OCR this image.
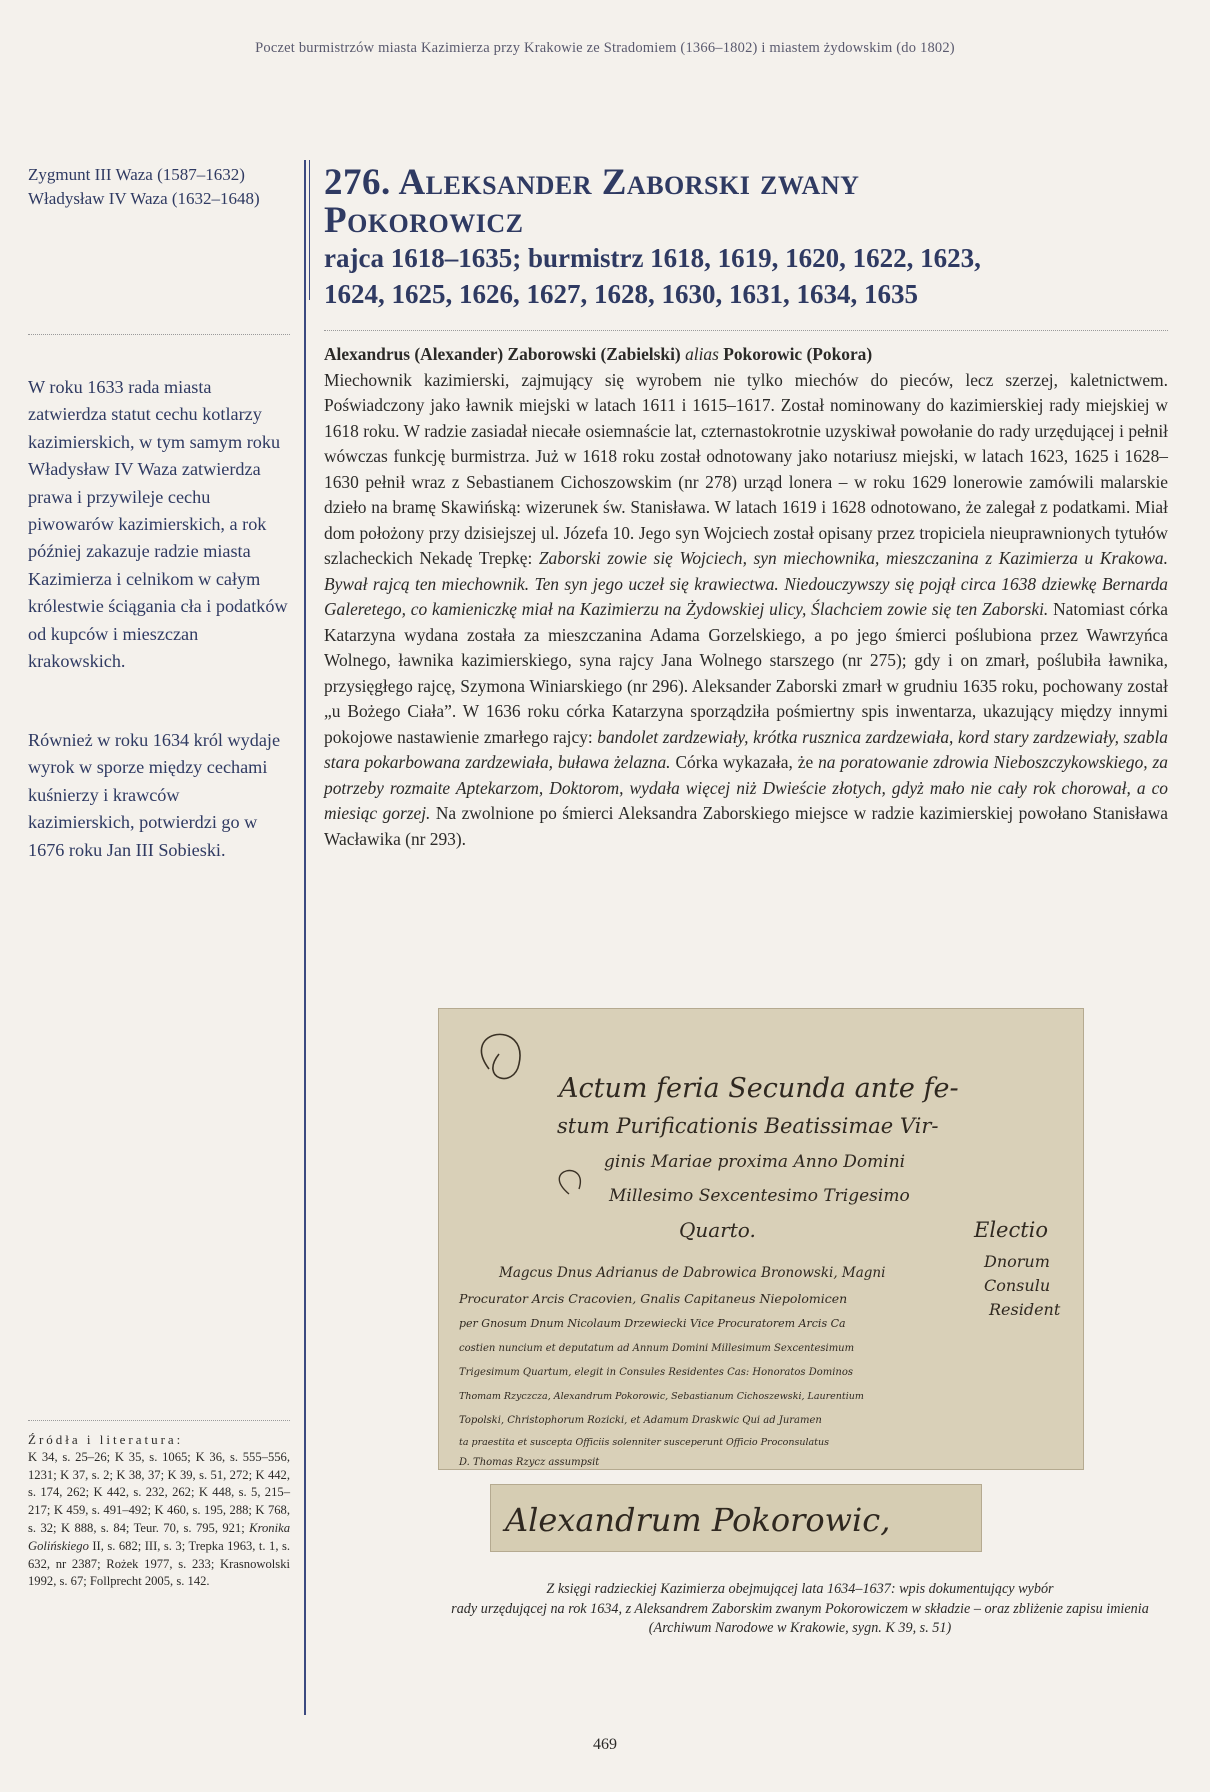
Poczet burmistrzów miasta Kazimierza przy Krakowie ze Stradomiem (1366–1802) i miastem żydowskim (do 1802)
Zygmunt III Waza (1587–1632)
Władysław IV Waza (1632–1648)

W roku 1633 rada miasta zatwierdza statut cechu kotlarzy kazimierskich, w tym samym roku Władysław IV Waza zatwierdza prawa i przywileje cechu piwowarów kazimierskich, a rok później zakazuje radzie miasta Kazimierza i celnikom w całym królestwie ściągania cła i podatków od kupców i mieszczan krakowskich.

Również w roku 1634 król wydaje wyrok w sporze między cechami kuśnierzy i krawców kazimierskich, potwierdzi go w 1676 roku Jan III Sobieski.

Źródła i literatura:
K 34, s. 25–26; K 35, s. 1065; K 36, s. 555–556, 1231; K 37, s. 2; K 38, 37; K 39, s. 51, 272; K 442, s. 174, 262; K 442, s. 232, 262; K 448, s. 5, 215–217; K 459, s. 491–492; K 460, s. 195, 288; K 768, s. 32; K 888, s. 84; Teur. 70, s. 795, 921; Kronika Golińskiego II, s. 682; III, s. 3; Trepka 1963, t. 1, s. 632, nr 2387; Rożek 1977, s. 233; Krasnowolski 1992, s. 67; Follprecht 2005, s. 142.
276. Aleksander Zaborski zwany
Pokorowicz
rajca 1618–1635; burmistrz 1618, 1619, 1620, 1622, 1623,
1624, 1625, 1626, 1627, 1628, 1630, 1631, 1634, 1635

Alexandrus (Alexander) Zaborowski (Zabielski) alias Pokorowic (Pokora)

Miechownik kazimierski, zajmujący się wyrobem nie tylko miechów do pieców, lecz szerzej, kaletnictwem. Poświadczony jako ławnik miejski w latach 1611 i 1615–1617. Został nominowany do kazimierskiej rady miejskiej w 1618 roku. W radzie zasiadał niecałe osiemnaście lat, czternastokrotnie uzyskiwał powołanie do rady urzędującej i pełnił wówczas funkcję burmistrza. Już w 1618 roku został odnotowany jako notariusz miejski, w latach 1623, 1625 i 1628–1630 pełnił wraz z Sebastianem Cichoszowskim (nr 278) urząd lonera – w roku 1629 lonerowie zamówili malarskie dzieło na bramę Skawińską: wizerunek św. Stanisława. W latach 1619 i 1628 odnotowano, że zalegał z podatkami. Miał dom położony przy dzisiejszej ul. Józefa 10. Jego syn Wojciech został opisany przez tropiciela nieuprawnionych tytułów szlacheckich Nekadę Trepkę: Zaborski zowie się Wojciech, syn miechownika, mieszczanina z Kazimierza u Krakowa. Bywał rajcą ten miechownik. Ten syn jego uczeł się krawiectwa. Niedouczywszy się pojął circa 1638 dziewkę Bernarda Galeretego, co kamieniczkę miał na Kazimierzu na Żydowskiej ulicy, Ślachciem zowie się ten Zaborski. Natomiast córka Katarzyna wydana została za mieszczanina Adama Gorzelskiego, a po jego śmierci poślubiona przez Wawrzyńca Wolnego, ławnika kazimierskiego, syna rajcy Jana Wolnego starszego (nr 275); gdy i on zmarł, poślubiła ławnika, przysięgłego rajcę, Szymona Winiarskiego (nr 296). Aleksander Zaborski zmarł w grudniu 1635 roku, pochowany został „u Bożego Ciała”. W 1636 roku córka Katarzyna sporządziła pośmiertny spis inwentarza, ukazujący między innymi pokojowe nastawienie zmarłego rajcy: bandolet zardzewiały, krótka rusznica zardzewiała, kord stary zardzewiały, szabla stara pokarbowana zardzewiała, buława żelazna. Córka wykazała, że na poratowanie zdrowia Nieboszczykowskiego, za potrzeby rozmaite Aptekarzom, Doktorom, wydała więcej niż Dwieście złotych, gdyż mało nie cały rok chorował, a co miesiąc gorzej. Na zwolnione po śmierci Aleksandra Zaborskiego miejsce w radzie kazimierskiej powołano Stanisława Wacławika (nr 293).

Actum feria Secunda ante fe-
stum Purificationis Beatissimae Vir-
ginis Mariae proxima Anno Domini
Millesimo Sexcentesimo Trigesimo
Quarto.	Electio
Dnorum
Consulu
Resident
Magcus Dnus Adrianus de Dabrowica Bronowski, Magni
Procurator Arcis Cracovien, Gnalis Capitaneus Niepolomicen
per Gnosum Dnum Nicolaum Drzewiecki Vice Procuratorem Arcis Ca
costien nuncium et deputatum ad Annum Domini Millesimum Sexcentesimum
Trigesimum Quartum, elegit in Consules Residentes Cas: Honoratos Dominos
Thomam Rzyczcza, Alexandrum Pokorowic, Sebastianum Cichoszewski, Laurentium
Topolski, Christophorum Rozicki, et Adamum Draskwic Qui ad Juramen
ta praestita et suscepta Officiis solenniter susceperunt Officio Proconsulatus
D. Thomas Rzycz assumpsit
Alexandrum Pokorowic,
Z księgi radzieckiej Kazimierza obejmującej lata 1634–1637: wpis dokumentujący wybór
rady urzędującej na rok 1634, z Aleksandrem Zaborskim zwanym Pokorowiczem w składzie – oraz zbliżenie zapisu imienia
(Archiwum Narodowe w Krakowie, sygn. K 39, s. 51)
469
